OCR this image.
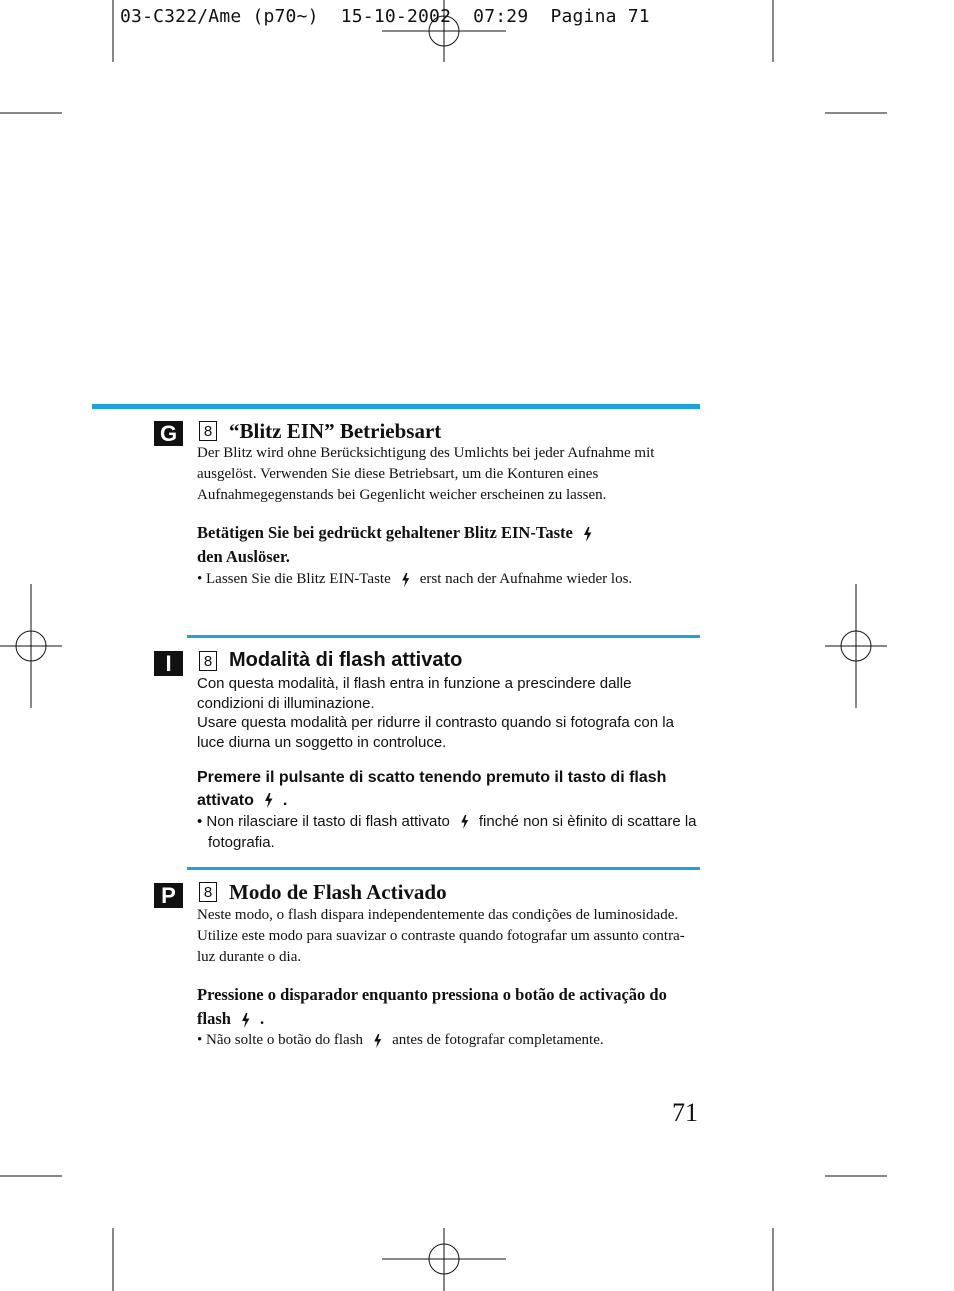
03-C322/Ame (p70~)  15-10-2002  07:29  Pagina 71
G	8 “Blitz EIN” Betriebsart
Der Blitz wird ohne Berücksichtigung des Umlichts bei jeder Aufnahme mit ausgelöst. Verwenden Sie diese Betriebsart, um die Konturen eines Aufnahmegegenstands bei Gegenlicht weicher erscheinen zu lassen.
Betätigen Sie bei gedrückt gehaltener Blitz EIN-Taste

den Auslöser.
• Lassen Sie die Blitz EIN-Taste erst nach der Aufnahme wieder los.
I	8 Modalità di flash attivato
Con questa modalità, il flash entra in funzione a prescindere dalle condizioni di illuminazione.
Usare questa modalità per ridurre il contrasto quando si fotografa con la luce diurna un soggetto in controluce.
Premere il pulsante di scatto tenendo premuto il tasto di flash attivato .
• Non rilasciare il tasto di flash attivato finché non si èfinito di scattare la fotografia.
P	8 Modo de Flash Activado
Neste modo, o flash dispara independentemente das condições de luminosidade. Utilize este modo para suavizar o contraste quando fotografar um assunto contra-luz durante o dia.
Pressione o disparador enquanto pressiona o botão de activação do flash .
• Não solte o botão do flash antes de fotografar completamente.
71
